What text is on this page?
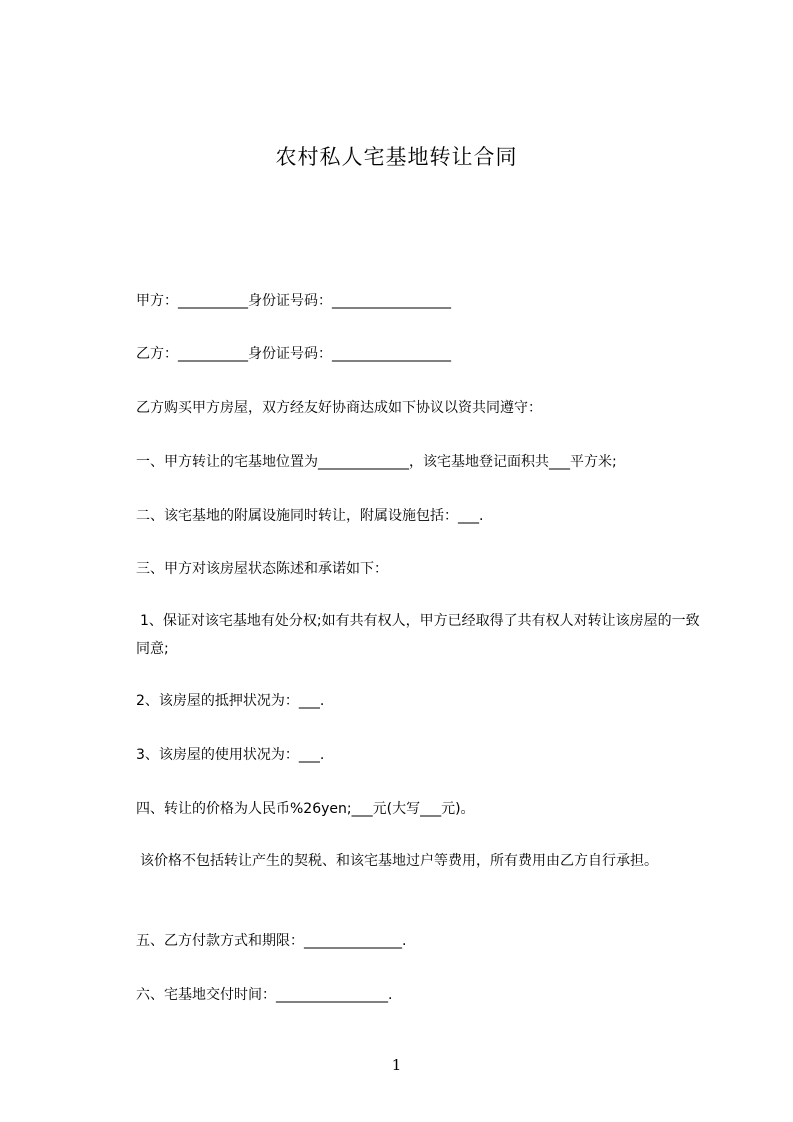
农村私人宅基地转让合同
甲方：__________身份证号码：_________________
乙方：__________身份证号码：_________________
乙方购买甲方房屋，双方经友好协商达成如下协议以资共同遵守：
一、甲方转让的宅基地位置为_____________，该宅基地登记面积共___平方米;
二、该宅基地的附属设施同时转让，附属设施包括：___.
三、甲方对该房屋状态陈述和承诺如下：
1、保证对该宅基地有处分权;如有共有权人，甲方已经取得了共有权人对转让该房屋的一致同意;
2、该房屋的抵押状况为：___.
3、该房屋的使用状况为：___.
四、转让的价格为人民币%26yen;___元(大写___元)。
该价格不包括转让产生的契税、和该宅基地过户等费用，所有费用由乙方自行承担。
五、乙方付款方式和期限：______________.
六、宅基地交付时间：________________.
1
